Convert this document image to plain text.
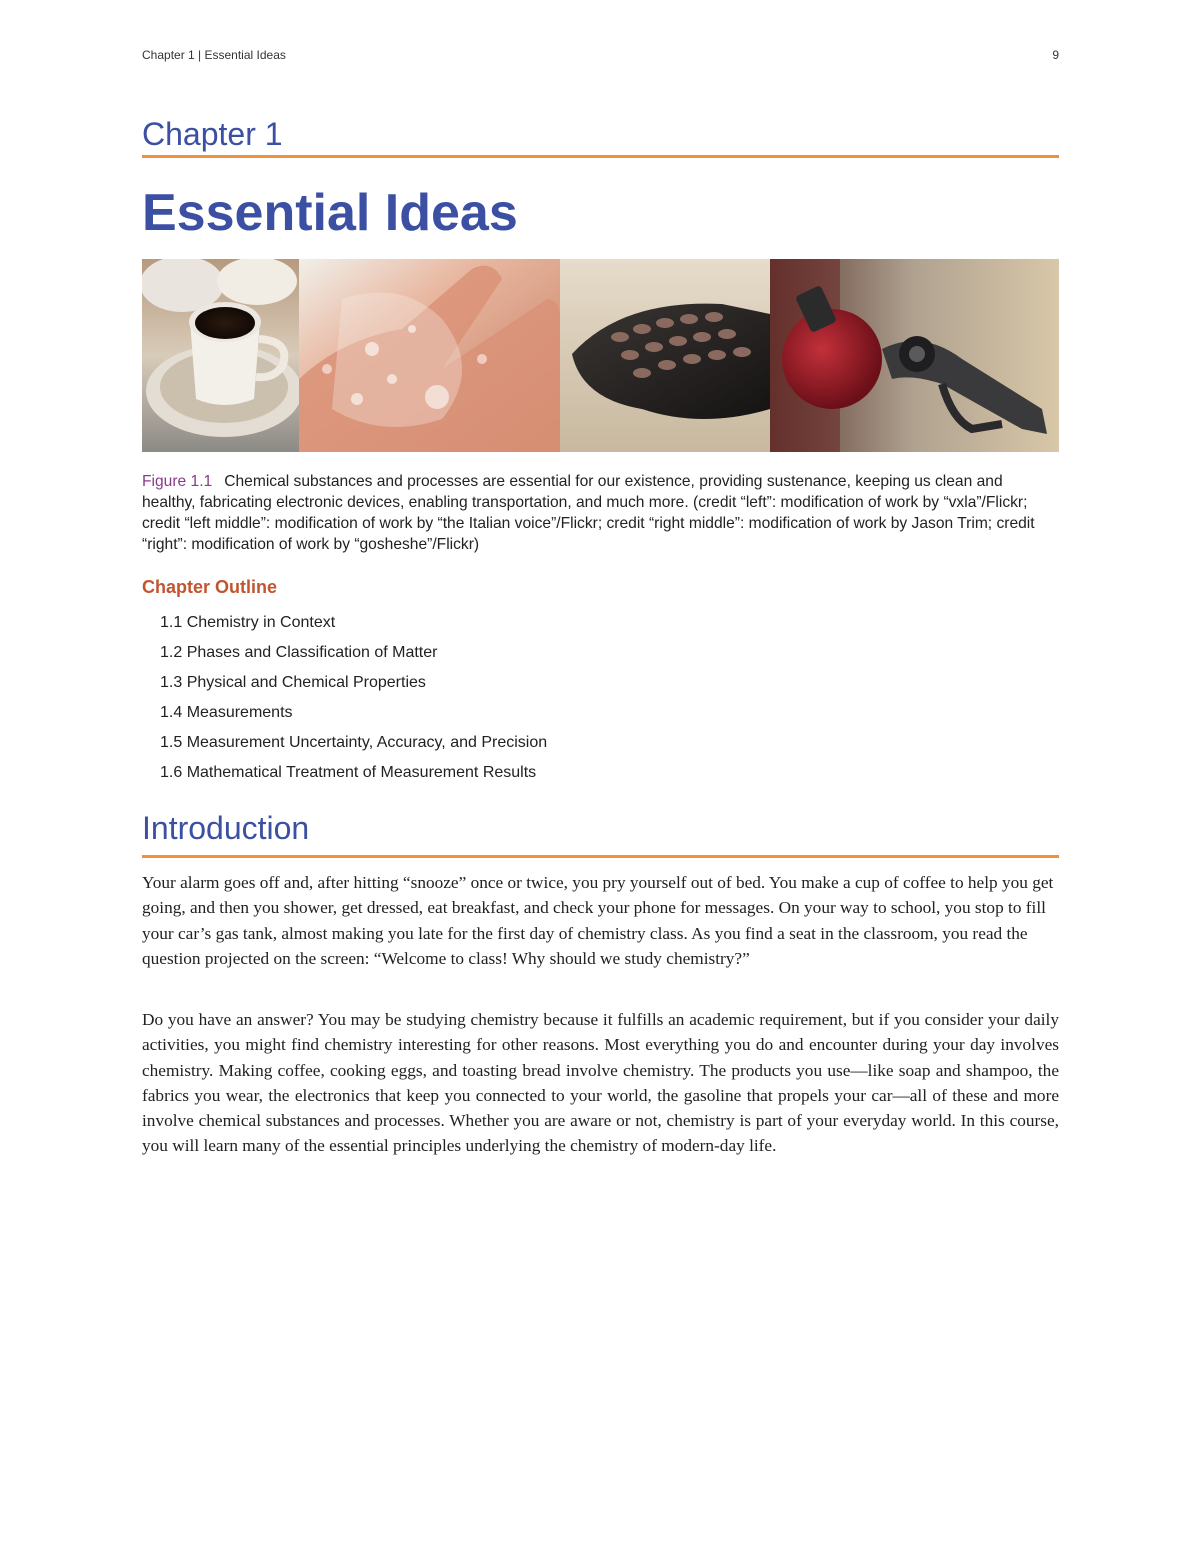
Chapter 1 | Essential Ideas	9
Chapter 1
Essential Ideas
Figure 1.1 Chemical substances and processes are essential for our existence, providing sustenance, keeping us clean and healthy, fabricating electronic devices, enabling transportation, and much more. (credit “left”: modification of work by “vxla”/Flickr; credit “left middle”: modification of work by “the Italian voice”/Flickr; credit “right middle”: modification of work by Jason Trim; credit “right”: modification of work by “gosheshe”/Flickr)
Chapter Outline
1.1 Chemistry in Context
1.2 Phases and Classification of Matter
1.3 Physical and Chemical Properties
1.4 Measurements
1.5 Measurement Uncertainty, Accuracy, and Precision
1.6 Mathematical Treatment of Measurement Results
Introduction

Your alarm goes off and, after hitting “snooze” once or twice, you pry yourself out of bed. You make a cup of coffee to help you get going, and then you shower, get dressed, eat breakfast, and check your phone for messages. On your way to school, you stop to fill your car’s gas tank, almost making you late for the first day of chemistry class. As you find a seat in the classroom, you read the question projected on the screen: “Welcome to class! Why should we study chemistry?”

Do you have an answer? You may be studying chemistry because it fulfills an academic requirement, but if you consider your daily activities, you might find chemistry interesting for other reasons. Most everything you do and encounter during your day involves chemistry. Making coffee, cooking eggs, and toasting bread involve chemistry. The products you use—like soap and shampoo, the fabrics you wear, the electronics that keep you connected to your world, the gasoline that propels your car—all of these and more involve chemical substances and processes. Whether you are aware or not, chemistry is part of your everyday world. In this course, you will learn many of the essential principles underlying the chemistry of modern-day life.
